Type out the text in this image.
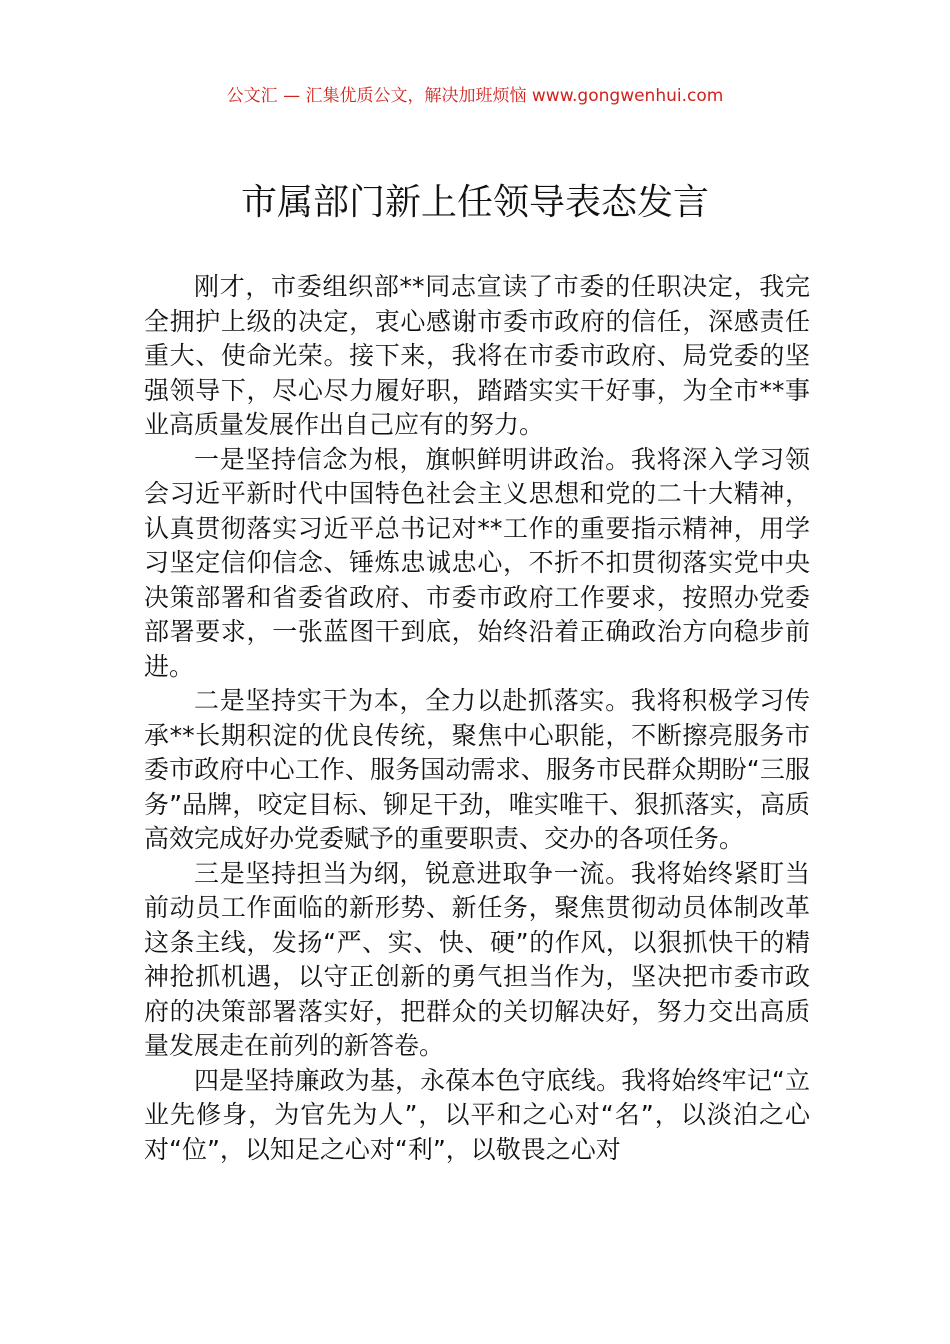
公文汇 — 汇集优质公文，解决加班烦恼 www.gongwenhui.com
市属部门新上任领导表态发言

刚才，市委组织部**同志宣读了市委的任职决定，我完全拥护上级的决定，衷心感谢市委市政府的信任，深感责任重大、使命光荣。接下来，我将在市委市政府、局党委的坚强领导下，尽心尽力履好职，踏踏实实干好事，为全市**事业高质量发展作出自己应有的努力。

一是坚持信念为根，旗帜鲜明讲政治。我将深入学习领会习近平新时代中国特色社会主义思想和党的二十大精神，认真贯彻落实习近平总书记对**工作的重要指示精神，用学习坚定信仰信念、锤炼忠诚忠心，不折不扣贯彻落实党中央决策部署和省委省政府、市委市政府工作要求，按照办党委部署要求，一张蓝图干到底，始终沿着正确政治方向稳步前进。

二是坚持实干为本，全力以赴抓落实。我将积极学习传承**长期积淀的优良传统，聚焦中心职能，不断擦亮服务市委市政府中心工作、服务国动需求、服务市民群众期盼“三服务”品牌，咬定目标、铆足干劲，唯实唯干、狠抓落实，高质高效完成好办党委赋予的重要职责、交办的各项任务。

三是坚持担当为纲，锐意进取争一流。我将始终紧盯当前动员工作面临的新形势、新任务，聚焦贯彻动员体制改革这条主线，发扬“严、实、快、硬”的作风，以狠抓快干的精神抢抓机遇，以守正创新的勇气担当作为，坚决把市委市政府的决策部署落实好，把群众的关切解决好，努力交出高质量发展走在前列的新答卷。

四是坚持廉政为基，永葆本色守底线。我将始终牢记“立业先修身，为官先为人”，以平和之心对“名”，以淡泊之心对“位”，以知足之心对“利”，以敬畏之心对
